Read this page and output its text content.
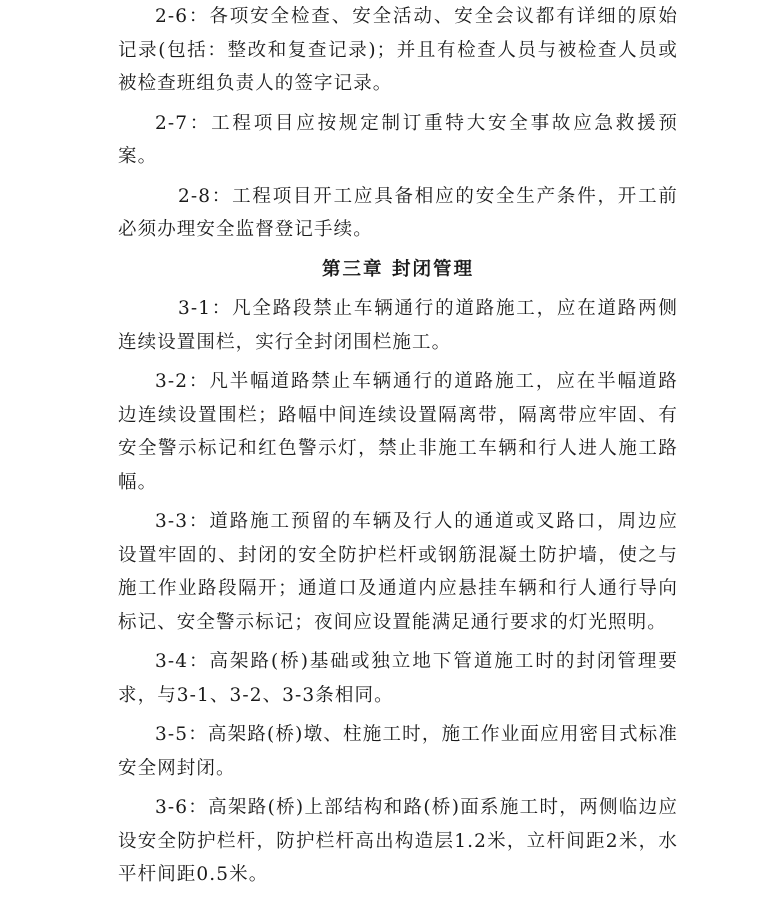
2-6：各项安全检查、安全活动、安全会议都有详细的原始记录(包括：整改和复查记录)；并且有检查人员与被检查人员或被检查班组负责人的签字记录。

2-7：工程项目应按规定制订重特大安全事故应急救援预案。

2-8：工程项目开工应具备相应的安全生产条件，开工前必须办理安全监督登记手续。

第三章 封闭管理

3-1：凡全路段禁止车辆通行的道路施工，应在道路两侧连续设置围栏，实行全封闭围栏施工。

3-2：凡半幅道路禁止车辆通行的道路施工，应在半幅道路边连续设置围栏；路幅中间连续设置隔离带，隔离带应牢固、有安全警示标记和红色警示灯，禁止非施工车辆和行人进人施工路幅。

3-3：道路施工预留的车辆及行人的通道或叉路口，周边应设置牢固的、封闭的安全防护栏杆或钢筋混凝土防护墙，使之与施工作业路段隔开；通道口及通道内应悬挂车辆和行人通行导向标记、安全警示标记；夜间应设置能满足通行要求的灯光照明。

3-4：高架路(桥)基础或独立地下管道施工时的封闭管理要求，与3-1、3-2、3-3条相同。

3-5：高架路(桥)墩、柱施工时，施工作业面应用密目式标准安全网封闭。

3-6：高架路(桥)上部结构和路(桥)面系施工时，两侧临边应设安全防护栏杆，防护栏杆高出构造层1.2米，立杆间距2米，水平杆间距0.5米。
